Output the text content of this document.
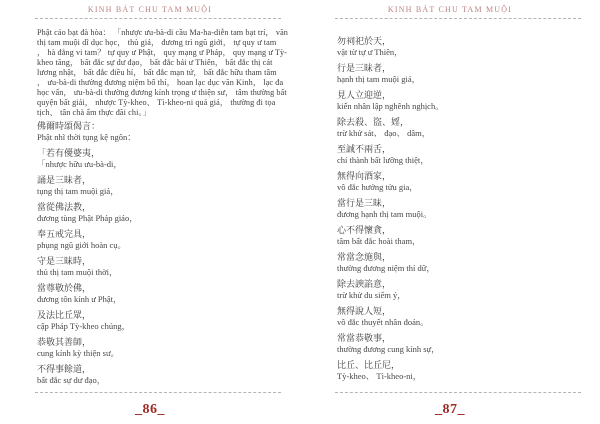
KINH BÁT CHU TAM MUỘI
Phật cáo bạt đà hòa： 「nhược ưu-bà-di cầu Ma-ha-diễn tam bạt trí， vãn
thị tam muội dĩ dục học， thủ giả， đương trì ngũ giới， tự quy ư tam
， hà đẳng vi tam？ tự quy ư Phật， quy mạng ư Pháp， quy mạng ư Tỳ-
kheo tăng， bất đắc sự dư đạo， bất đắc bái ư Thiên， bất đắc thị cát
lương nhật， bất đắc điều hí， bất đắc mạn tứ， bất đắc hữu tham tâm
， ưu-bà-di thường đương niệm bố thí， hoan lạc dục văn Kinh， lạc đa
học vấn， ưu-bà-di thường đương kính trọng ư thiện sư， tâm thường bất
quyện bất giải， nhược Tỳ-kheo、 Tì-kheo-ni quá giả， thường đi tọa
tịch、 tân chà ẩm thực đãi chi。」
佛爾時頌偈言：
Phật nhĩ thời tụng kệ ngôn：
「若有優婆夷，
「nhược hữu ưu-bà-di，
誦是三昧者，
tụng thị tam muội giả，
當從佛法教，
đương tùng Phật Pháp giáo，
奉五戒完具，
phụng ngũ giới hoàn cụ。
守是三昧時，
thủ thị tam muội thời，
當尊敬於佛，
đương tôn kính ư Phật，
及法比丘眾，
cập Pháp Tỳ-kheo chúng，
恭敬其善師，
cung kính kỳ thiện sư。
不得事餘道，
bất đắc sự dư đạo，
_86_
KINH BÁT CHU TAM MUỘI
勿祠祀於天，
vật từ tự ư Thiên，
行是三昧者，
hạnh thị tam muội giả，
見人立迎逆，
kiến nhân lập nghênh nghịch。
除去殺、盜、婬，
trừ khử sát、 đạo、 dâm，
至誠不兩舌，
chí thành bất lưỡng thiệt，
無得向酒家，
vô đắc hướng tửu gia，
當行是三昧，
đương hạnh thị tam muội。
心不得懷貪，
tâm bất đắc hoài tham，
常當念施與，
thường đương niệm thí dữ，
除去諛諂意，
trừ khử du siểm ý，
無得說人短，
vô đắc thuyết nhân đoản。
常當恭敬事，
thường đương cung kính sự，
比丘、比丘尼，
Tỳ-kheo、 Tì-kheo-ni，
_87_
